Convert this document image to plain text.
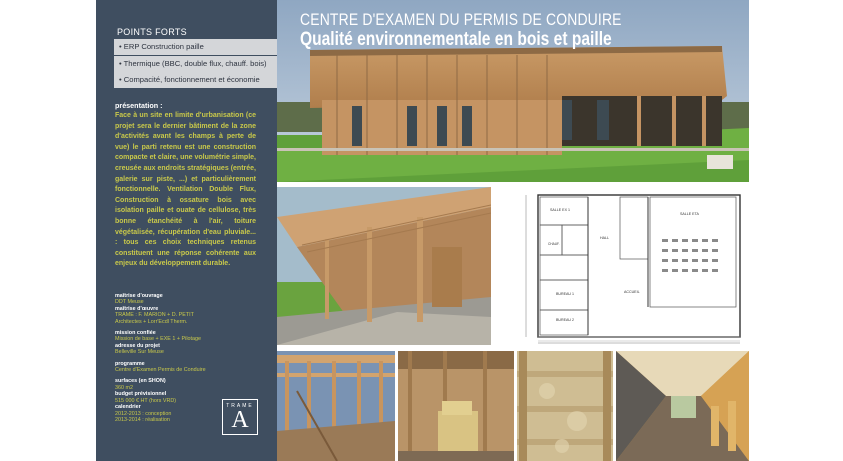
POINTS FORTS
• ERP Construction paille
• Thermique (BBC, double flux, chauff. bois)
• Compacité, fonctionnement et économie
présentation :
Face à un site en limite d'urbanisation (ce projet sera le dernier bâtiment de la zone d'activités avant les champs à perte de vue) le parti retenu est une construction compacte et claire, une volumétrie simple, creusée aux endroits stratégiques (entrée, galerie sur piste, ...) et particulièrement fonctionnelle. Ventilation Double Flux, Construction à ossature bois avec isolation paille et ouate de cellulose, très bonne étanchéité à l'air, toiture végétalisée, récupération d'eau pluviale... : tous ces choix techniques retenus constituent une réponse cohérente aux enjeux du développement durable.
maîtrise d'ouvrage
DDT Meuse
maîtrise d'œuvre
TRAME : F. MARION + D. PETIT
Architectes + Lorr'Ecdl Therm.
mission confiée
Mission de base + EXE 1 + Pilotage
adresse du projet
Belleville Sur Meuse
programme
Centre d'Examen Permis de Conduire
surfaces (en SHON)
360 m2
budget prévisionnel
515 000 € HT (hors VRD)
calendrier
2012-2013 : conception
2013-2014 : réalisation
TRAME
A
CENTRE D'EXAMEN DU PERMIS DE CONDUIRE
Qualité environnementale en bois et paille
SALLE EX 1
SALLE ETA
HALL
ACCUEIL
BUREAU 1
BUREAU 2
CHAUF.
